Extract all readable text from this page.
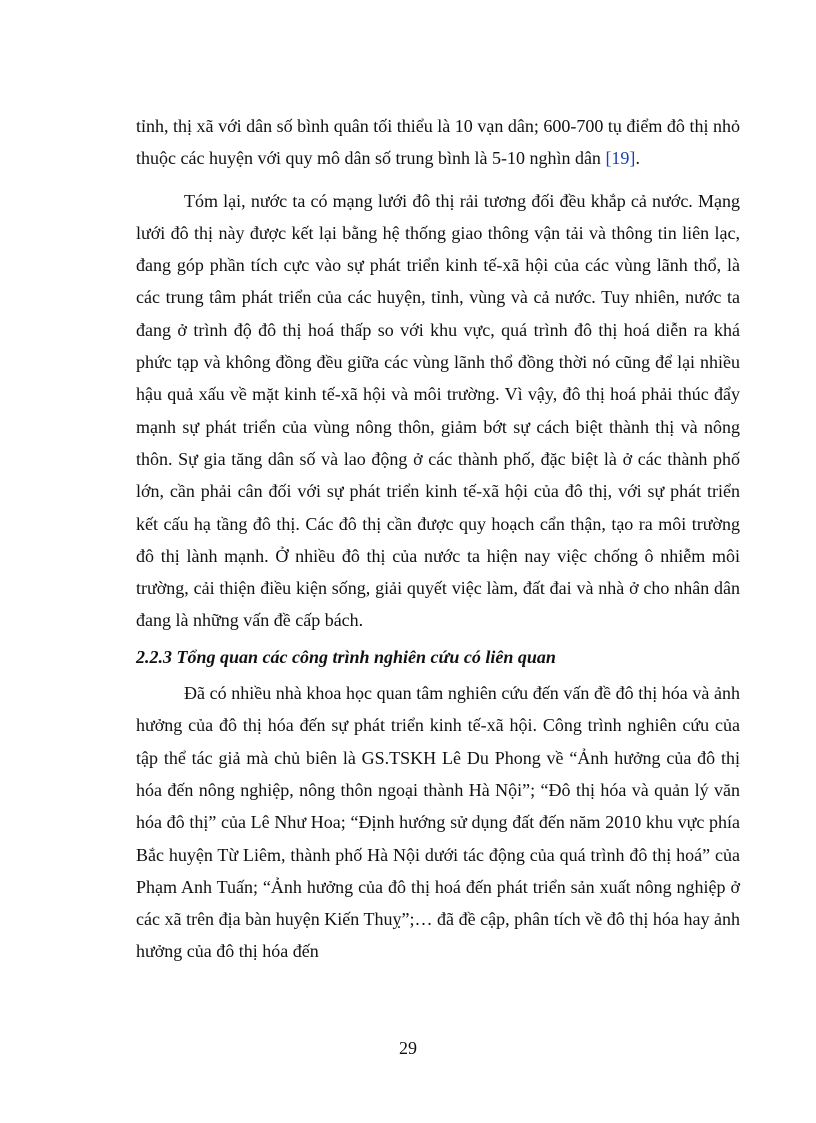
tỉnh, thị xã với dân số bình quân tối thiểu là 10 vạn dân; 600-700 tụ điểm đô thị nhỏ thuộc các huyện với quy mô dân số trung bình là 5-10 nghìn dân [19].

Tóm lại, nước ta có mạng lưới đô thị rải tương đối đều khắp cả nước. Mạng lưới đô thị này được kết lại bằng hệ thống giao thông vận tải và thông tin liên lạc, đang góp phần tích cực vào sự phát triển kinh tế-xã hội của các vùng lãnh thổ, là các trung tâm phát triển của các huyện, tỉnh, vùng và cả nước. Tuy nhiên, nước ta đang ở trình độ đô thị hoá thấp so với khu vực, quá trình đô thị hoá diễn ra khá phức tạp và không đồng đều giữa các vùng lãnh thổ đồng thời nó cũng để lại nhiều hậu quả xấu về mặt kinh tế-xã hội và môi trường. Vì vậy, đô thị hoá phải thúc đẩy mạnh sự phát triển của vùng nông thôn, giảm bớt sự cách biệt thành thị và nông thôn. Sự gia tăng dân số và lao động ở các thành phố, đặc biệt là ở các thành phố lớn, cần phải cân đối với sự phát triển kinh tế-xã hội của đô thị, với sự phát triển kết cấu hạ tầng đô thị. Các đô thị cần được quy hoạch cẩn thận, tạo ra môi trường đô thị lành mạnh. Ở nhiều đô thị của nước ta hiện nay việc chống ô nhiễm môi trường, cải thiện điều kiện sống, giải quyết việc làm, đất đai và nhà ở cho nhân dân đang là những vấn đề cấp bách.

2.2.3 Tổng quan các công trình nghiên cứu có liên quan

Đã có nhiều nhà khoa học quan tâm nghiên cứu đến vấn đề đô thị hóa và ảnh hưởng của đô thị hóa đến sự phát triển kinh tế-xã hội. Công trình nghiên cứu của tập thể tác giả mà chủ biên là GS.TSKH Lê Du Phong về “Ảnh hưởng của đô thị hóa đến nông nghiệp, nông thôn ngoại thành Hà Nội”; “Đô thị hóa và quản lý văn hóa đô thị” của Lê Như Hoa; “Định hướng sử dụng đất đến năm 2010 khu vực phía Bắc huyện Từ Liêm, thành phố Hà Nội dưới tác động của quá trình đô thị hoá” của Phạm Anh Tuấn; “Ảnh hưởng của đô thị hoá đến phát triển sản xuất nông nghiệp ở các xã trên địa bàn huyện Kiến Thuỵ”;… đã đề cập, phân tích về đô thị hóa hay ảnh hưởng của đô thị hóa đến

29
